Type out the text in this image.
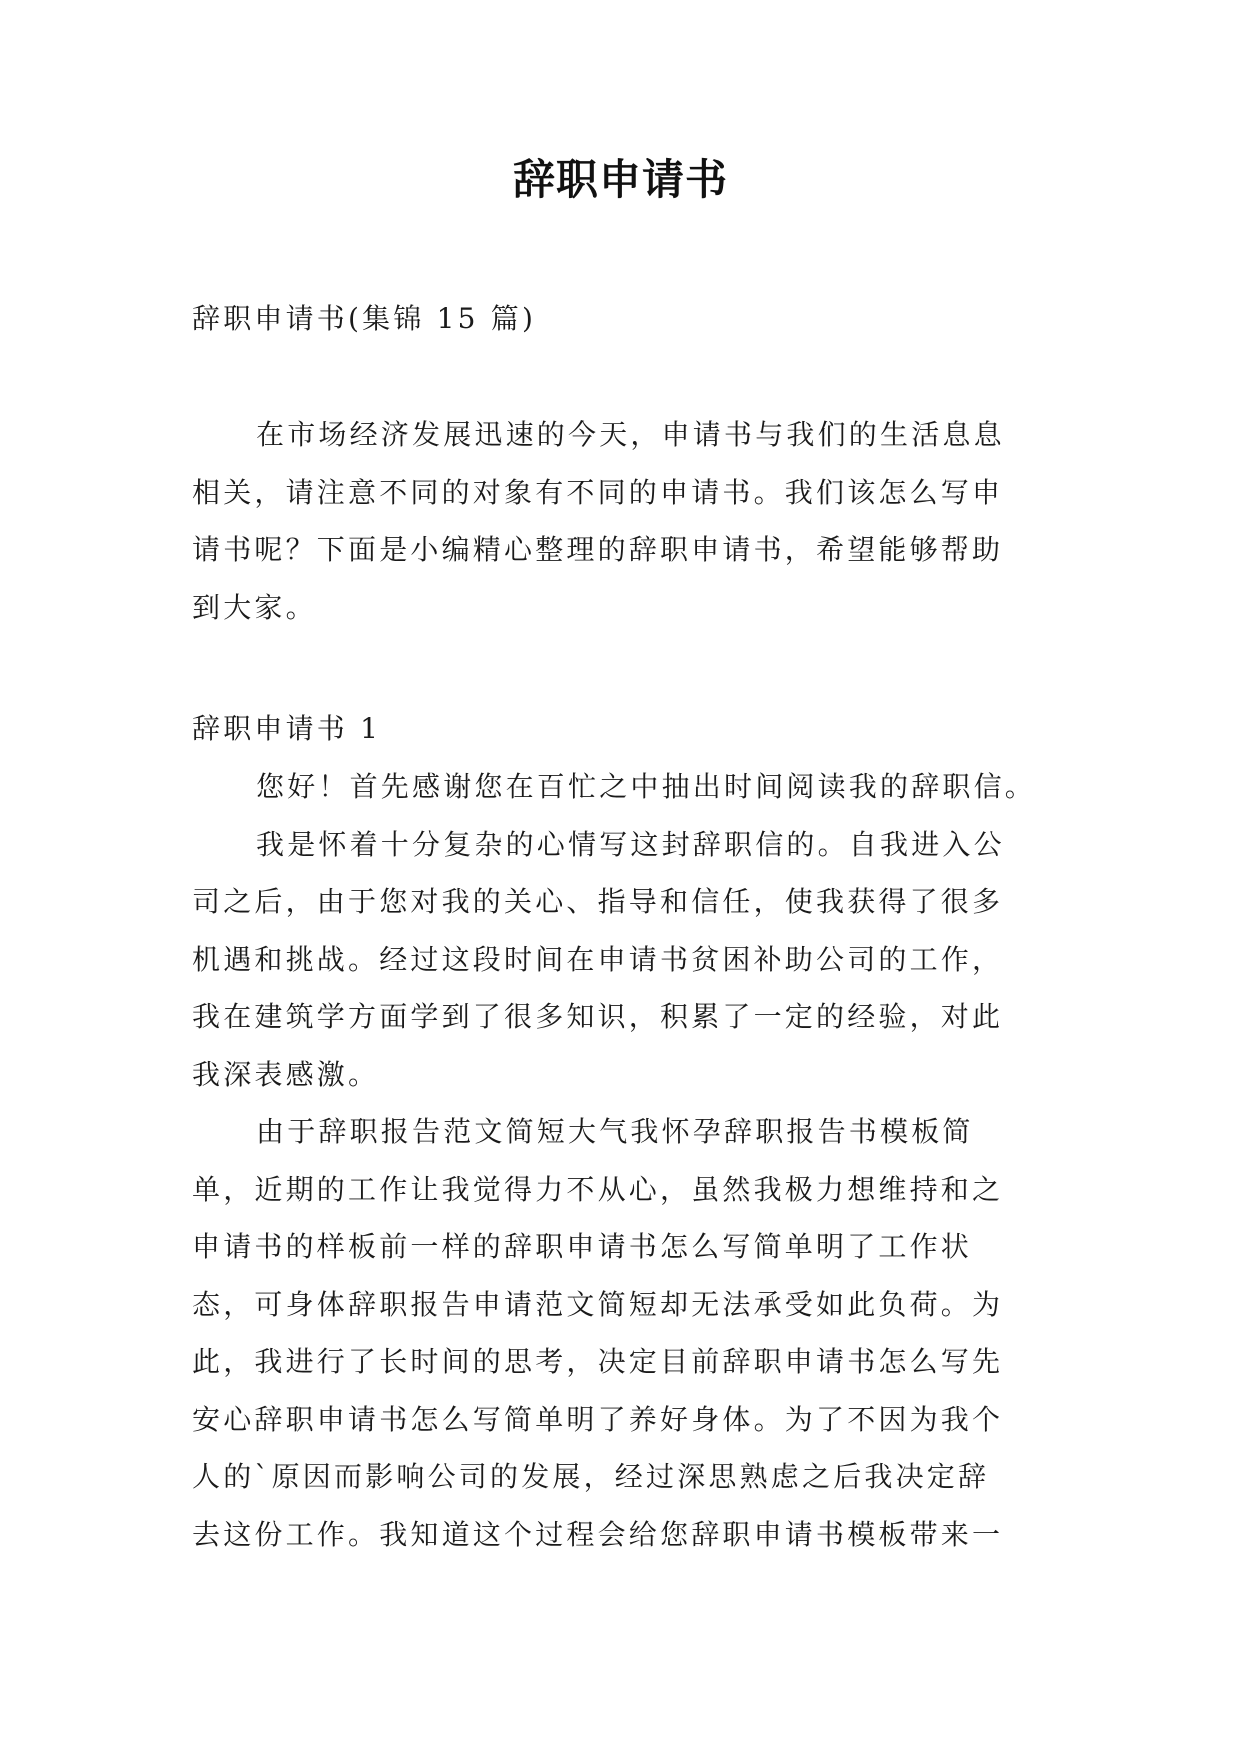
辞职申请书
辞职申请书(集锦 15 篇)
在市场经济发展迅速的今天，申请书与我们的生活息息
相关，请注意不同的对象有不同的申请书。我们该怎么写申
请书呢？下面是小编精心整理的辞职申请书，希望能够帮助
到大家。
辞职申请书 1
您好！首先感谢您在百忙之中抽出时间阅读我的辞职信。
我是怀着十分复杂的心情写这封辞职信的。自我进入公
司之后，由于您对我的关心、指导和信任，使我获得了很多
机遇和挑战。经过这段时间在申请书贫困补助公司的工作，
我在建筑学方面学到了很多知识，积累了一定的经验，对此
我深表感激。
由于辞职报告范文简短大气我怀孕辞职报告书模板简
单，近期的工作让我觉得力不从心，虽然我极力想维持和之
申请书的样板前一样的辞职申请书怎么写简单明了工作状
态，可身体辞职报告申请范文简短却无法承受如此负荷。为
此，我进行了长时间的思考，决定目前辞职申请书怎么写先
安心辞职申请书怎么写简单明了养好身体。为了不因为我个
人的`原因而影响公司的发展，经过深思熟虑之后我决定辞
去这份工作。我知道这个过程会给您辞职申请书模板带来一
